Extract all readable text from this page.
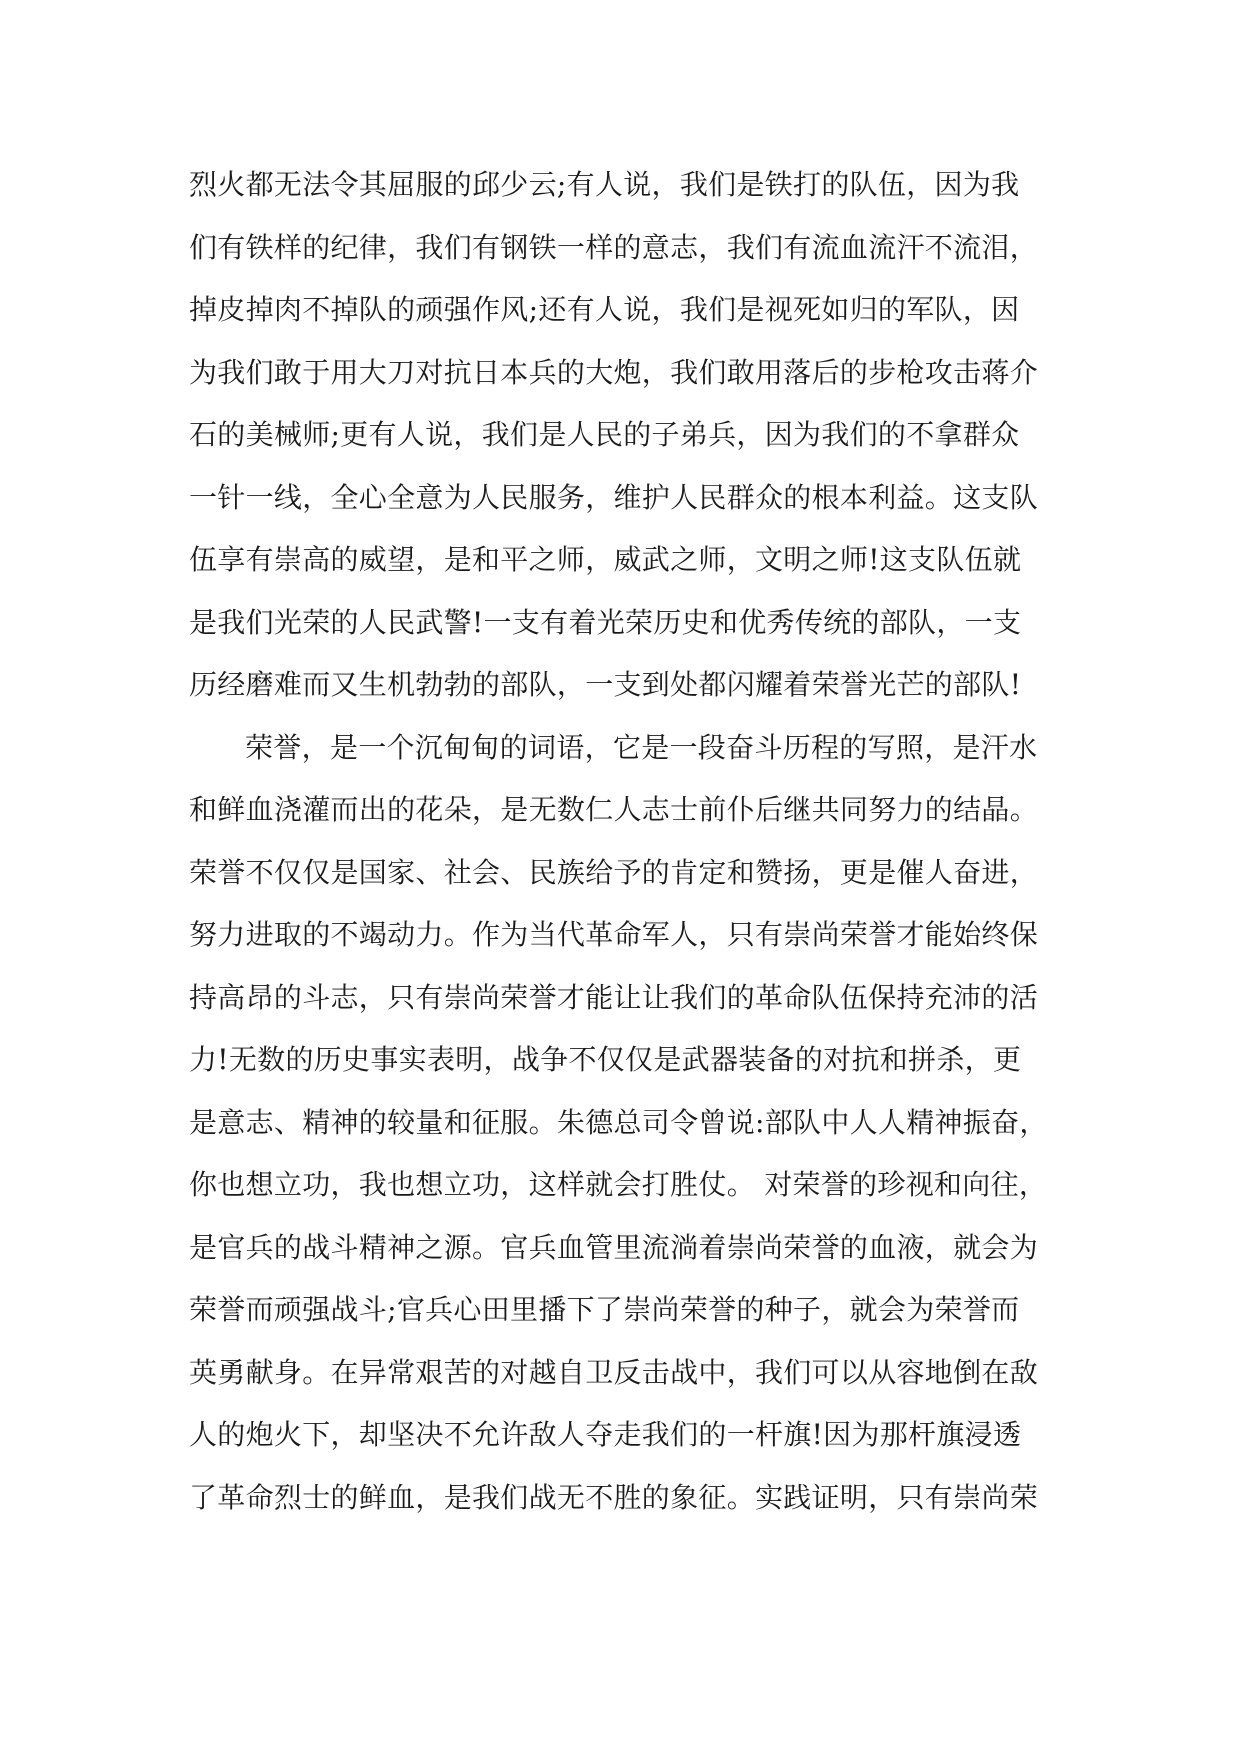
烈火都无法令其屈服的邱少云;有人说，我们是铁打的队伍，因为我
们有铁样的纪律，我们有钢铁一样的意志，我们有流血流汗不流泪，
掉皮掉肉不掉队的顽强作风;还有人说，我们是视死如归的军队，因
为我们敢于用大刀对抗日本兵的大炮，我们敢用落后的步枪攻击蒋介
石的美械师;更有人说，我们是人民的子弟兵，因为我们的不拿群众
一针一线，全心全意为人民服务，维护人民群众的根本利益。这支队
伍享有崇高的威望，是和平之师，威武之师，文明之师!这支队伍就
是我们光荣的人民武警!一支有着光荣历史和优秀传统的部队，一支
历经磨难而又生机勃勃的部队，一支到处都闪耀着荣誉光芒的部队!
荣誉，是一个沉甸甸的词语，它是一段奋斗历程的写照，是汗水
和鲜血浇灌而出的花朵，是无数仁人志士前仆后继共同努力的结晶。
荣誉不仅仅是国家、社会、民族给予的肯定和赞扬，更是催人奋进，
努力进取的不竭动力。作为当代革命军人，只有崇尚荣誉才能始终保
持高昂的斗志，只有崇尚荣誉才能让让我们的革命队伍保持充沛的活
力!无数的历史事实表明，战争不仅仅是武器装备的对抗和拼杀，更
是意志、精神的较量和征服。朱德总司令曾说:部队中人人精神振奋，
你也想立功，我也想立功，这样就会打胜仗。 对荣誉的珍视和向往，
是官兵的战斗精神之源。官兵血管里流淌着崇尚荣誉的血液，就会为
荣誉而顽强战斗;官兵心田里播下了崇尚荣誉的种子，就会为荣誉而
英勇献身。在异常艰苦的对越自卫反击战中，我们可以从容地倒在敌
人的炮火下，却坚决不允许敌人夺走我们的一杆旗!因为那杆旗浸透
了革命烈士的鲜血，是我们战无不胜的象征。实践证明，只有崇尚荣
